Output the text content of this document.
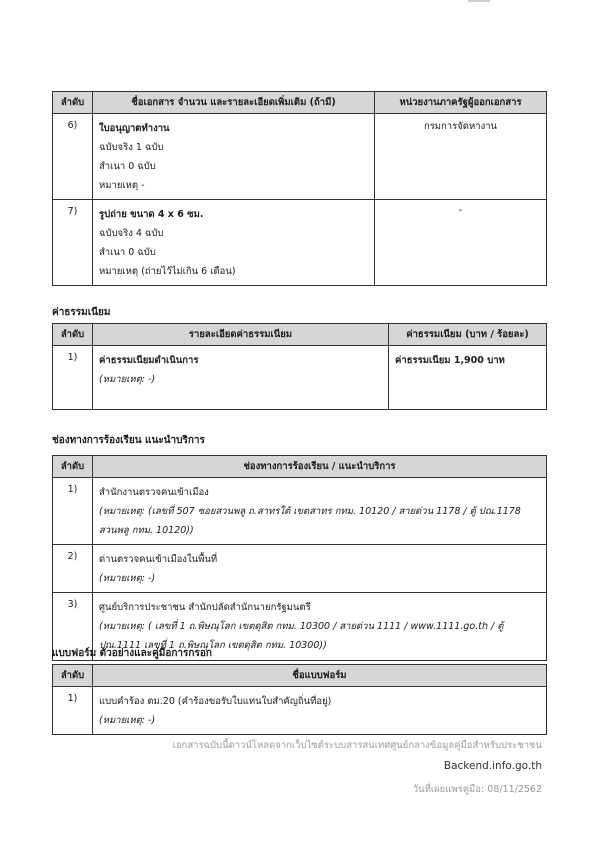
ลำดับ	ชื่อเอกสาร จำนวน และรายละเอียดเพิ่มเติม (ถ้ามี)	หน่วยงานภาครัฐผู้ออกเอกสาร
6)	ใบอนุญาตทำงาน
ฉบับจริง 1 ฉบับ
สำเนา 0 ฉบับ
หมายเหตุ -	กรมการจัดหางาน
7)	รูปถ่าย ขนาด 4 x 6 ซม.
ฉบับจริง 4 ฉบับ
สำเนา 0 ฉบับ
หมายเหตุ (ถ่ายไว้ไม่เกิน 6 เดือน)	-
ค่าธรรมเนียม
ลำดับ	รายละเอียดค่าธรรมเนียม	ค่าธรรมเนียม (บาท / ร้อยละ)
1)	ค่าธรรมเนียมดำเนินการ
(หมายเหตุ: -)	ค่าธรรมเนียม 1,900 บาท
ช่องทางการร้องเรียน แนะนำบริการ
ลำดับ	ช่องทางการร้องเรียน / แนะนำบริการ
1)	สำนักงานตรวจคนเข้าเมือง
(หมายเหตุ: (เลขที่ 507 ซอยสวนพลู ถ.สาทรใต้ เขตสาทร กทม. 10120 / สายด่วน 1178 / ตู้ ปณ.1178 สวนพลู กทม. 10120))

2)	ด่านตรวจคนเข้าเมืองในพื้นที่
(หมายเหตุ: -)

3)	ศูนย์บริการประชาชน สำนักปลัดสำนักนายกรัฐมนตรี
(หมายเหตุ: ( เลขที่ 1 ถ.พิษณุโลก เขตดุสิต กทม. 10300 / สายด่วน 1111 / www.1111.go.th / ตู้ ปณ.1111 เลขที่ 1 ถ.พิษณุโลก เขตดุสิต กทม. 10300))
แบบฟอร์ม ตัวอย่างและคู่มือการกรอก
ลำดับ	ชื่อแบบฟอร์ม
1)	แบบคำร้อง ตม.20 (คำร้องขอรับใบแทนใบสำคัญถิ่นที่อยู่)
(หมายเหตุ: -)
เอกสารฉบับนี้ดาวน์โหลดจากเว็บไซต์ระบบสารสนเทศศูนย์กลางข้อมูลคู่มือสำหรับประชาชน
Backend.info.go.th
วันที่เผยแพร่คู่มือ: 08/11/2562
